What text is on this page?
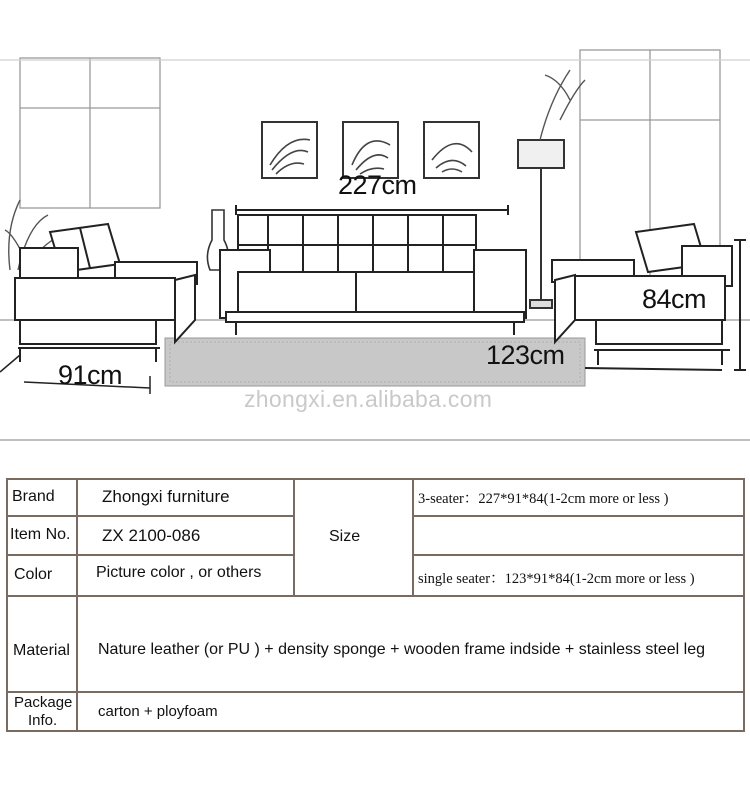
227cm
84cm
123cm
91cm
zhongxi.en.alibaba.com
Brand	Zhongxi furniture
Item No. ZX 2100-086
Color	Picture color , or others
Size
3-seater：227*91*84(1-2cm more or less )
single seater：123*91*84(1-2cm more or less )
Material Nature leather (or PU ) + density sponge + wooden frame indside + stainless steel leg
Package
Info.
carton + ployfoam
